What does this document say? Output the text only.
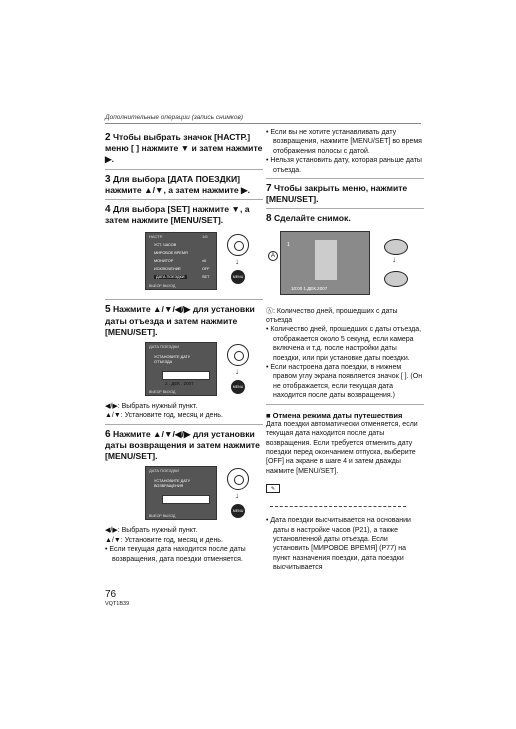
Дополнительные операции (запись снимков)
2 Чтобы выбрать значок [НАСТР.] меню [ ] нажмите ▼ и затем нажмите ▶.
3 Для выбора [ДАТА ПОЕЗДКИ] нажмите ▲/▼, а затем нажмите ▶.
4 Для выбора [SET] нажмите ▼, а затем нажмите [MENU/SET].
НАСТР.	1/6
УСТ. ЧАСОВ
МИРОВОЕ ВРЕМЯ
МОНИТОР
ИСКЛЮЧЕНИЕ
ДАТА ПОЕЗДКИ
±0
OFF
SET
ВЫБОР ВЫХОД
↓
MENU SET
5 Нажмите ▲/▼/◀/▶ для установки даты отъезда и затем нажмите [MENU/SET].
ДАТА ПОЕЗДКИ
УСТАНОВИТЕ ДАТУ ОТЪЕЗДА
2 . ДЕК . 2007
ВЫБОР ВЫХОД
↓
MENU SET
◀/▶: Выбрать нужный пункт.
▲/▼: Установите год, месяц и день.
6 Нажмите ▲/▼/◀/▶ для установки даты возвращения и затем нажмите [MENU/SET].
ДАТА ПОЕЗДКИ
УСТАНОВИТЕ ДАТУ ВОЗВРАЩЕНИЯ
ВЫБОР ВЫХОД
↓
MENU SET
◀/▶: Выбрать нужный пункт.
▲/▼: Установите год, месяц и день.
• Если текущая дата находится после даты возвращения, дата поездки отменяется.
• Если вы не хотите устанавливать дату возвращения, нажмите [MENU/SET] во время отображения полосы с датой.
• Нельзя установить дату, которая раньше даты отъезда.
7 Чтобы закрыть меню, нажмите [MENU/SET].
8 Сделайте снимок.
1
10:00 1.ДЕК.2007
A	↓
Ⓐ: Количество дней, прошедших с даты отъезда
• Количество дней, прошедших с даты отъезда, отображается около 5 секунд, если камера включена и т.д. после настройки даты поездки, или при установке даты поездки.
• Если настроена дата поездки, в нижнем правом углу экрана появляется значок [ ]. (Он не отображается, если текущая дата находится после даты возвращения.)
■ Отмена режима даты путешествия
Дата поездки автоматически отменяется, если текущая дата находится после даты возвращения. Если требуется отменить дату поездки перед окончанием отпуска, выберите [OFF] на экране в шаге 4 и затем дважды нажмите [MENU/SET].
✎
• Дата поездки высчитывается на основании даты в настройке часов (P21), а также установленной даты отъезда. Если установить [МИРОВОЕ ВРЕМЯ] (P77) на пункт назначения поездки, дата поездки высчитывается
76
VQT1B39
